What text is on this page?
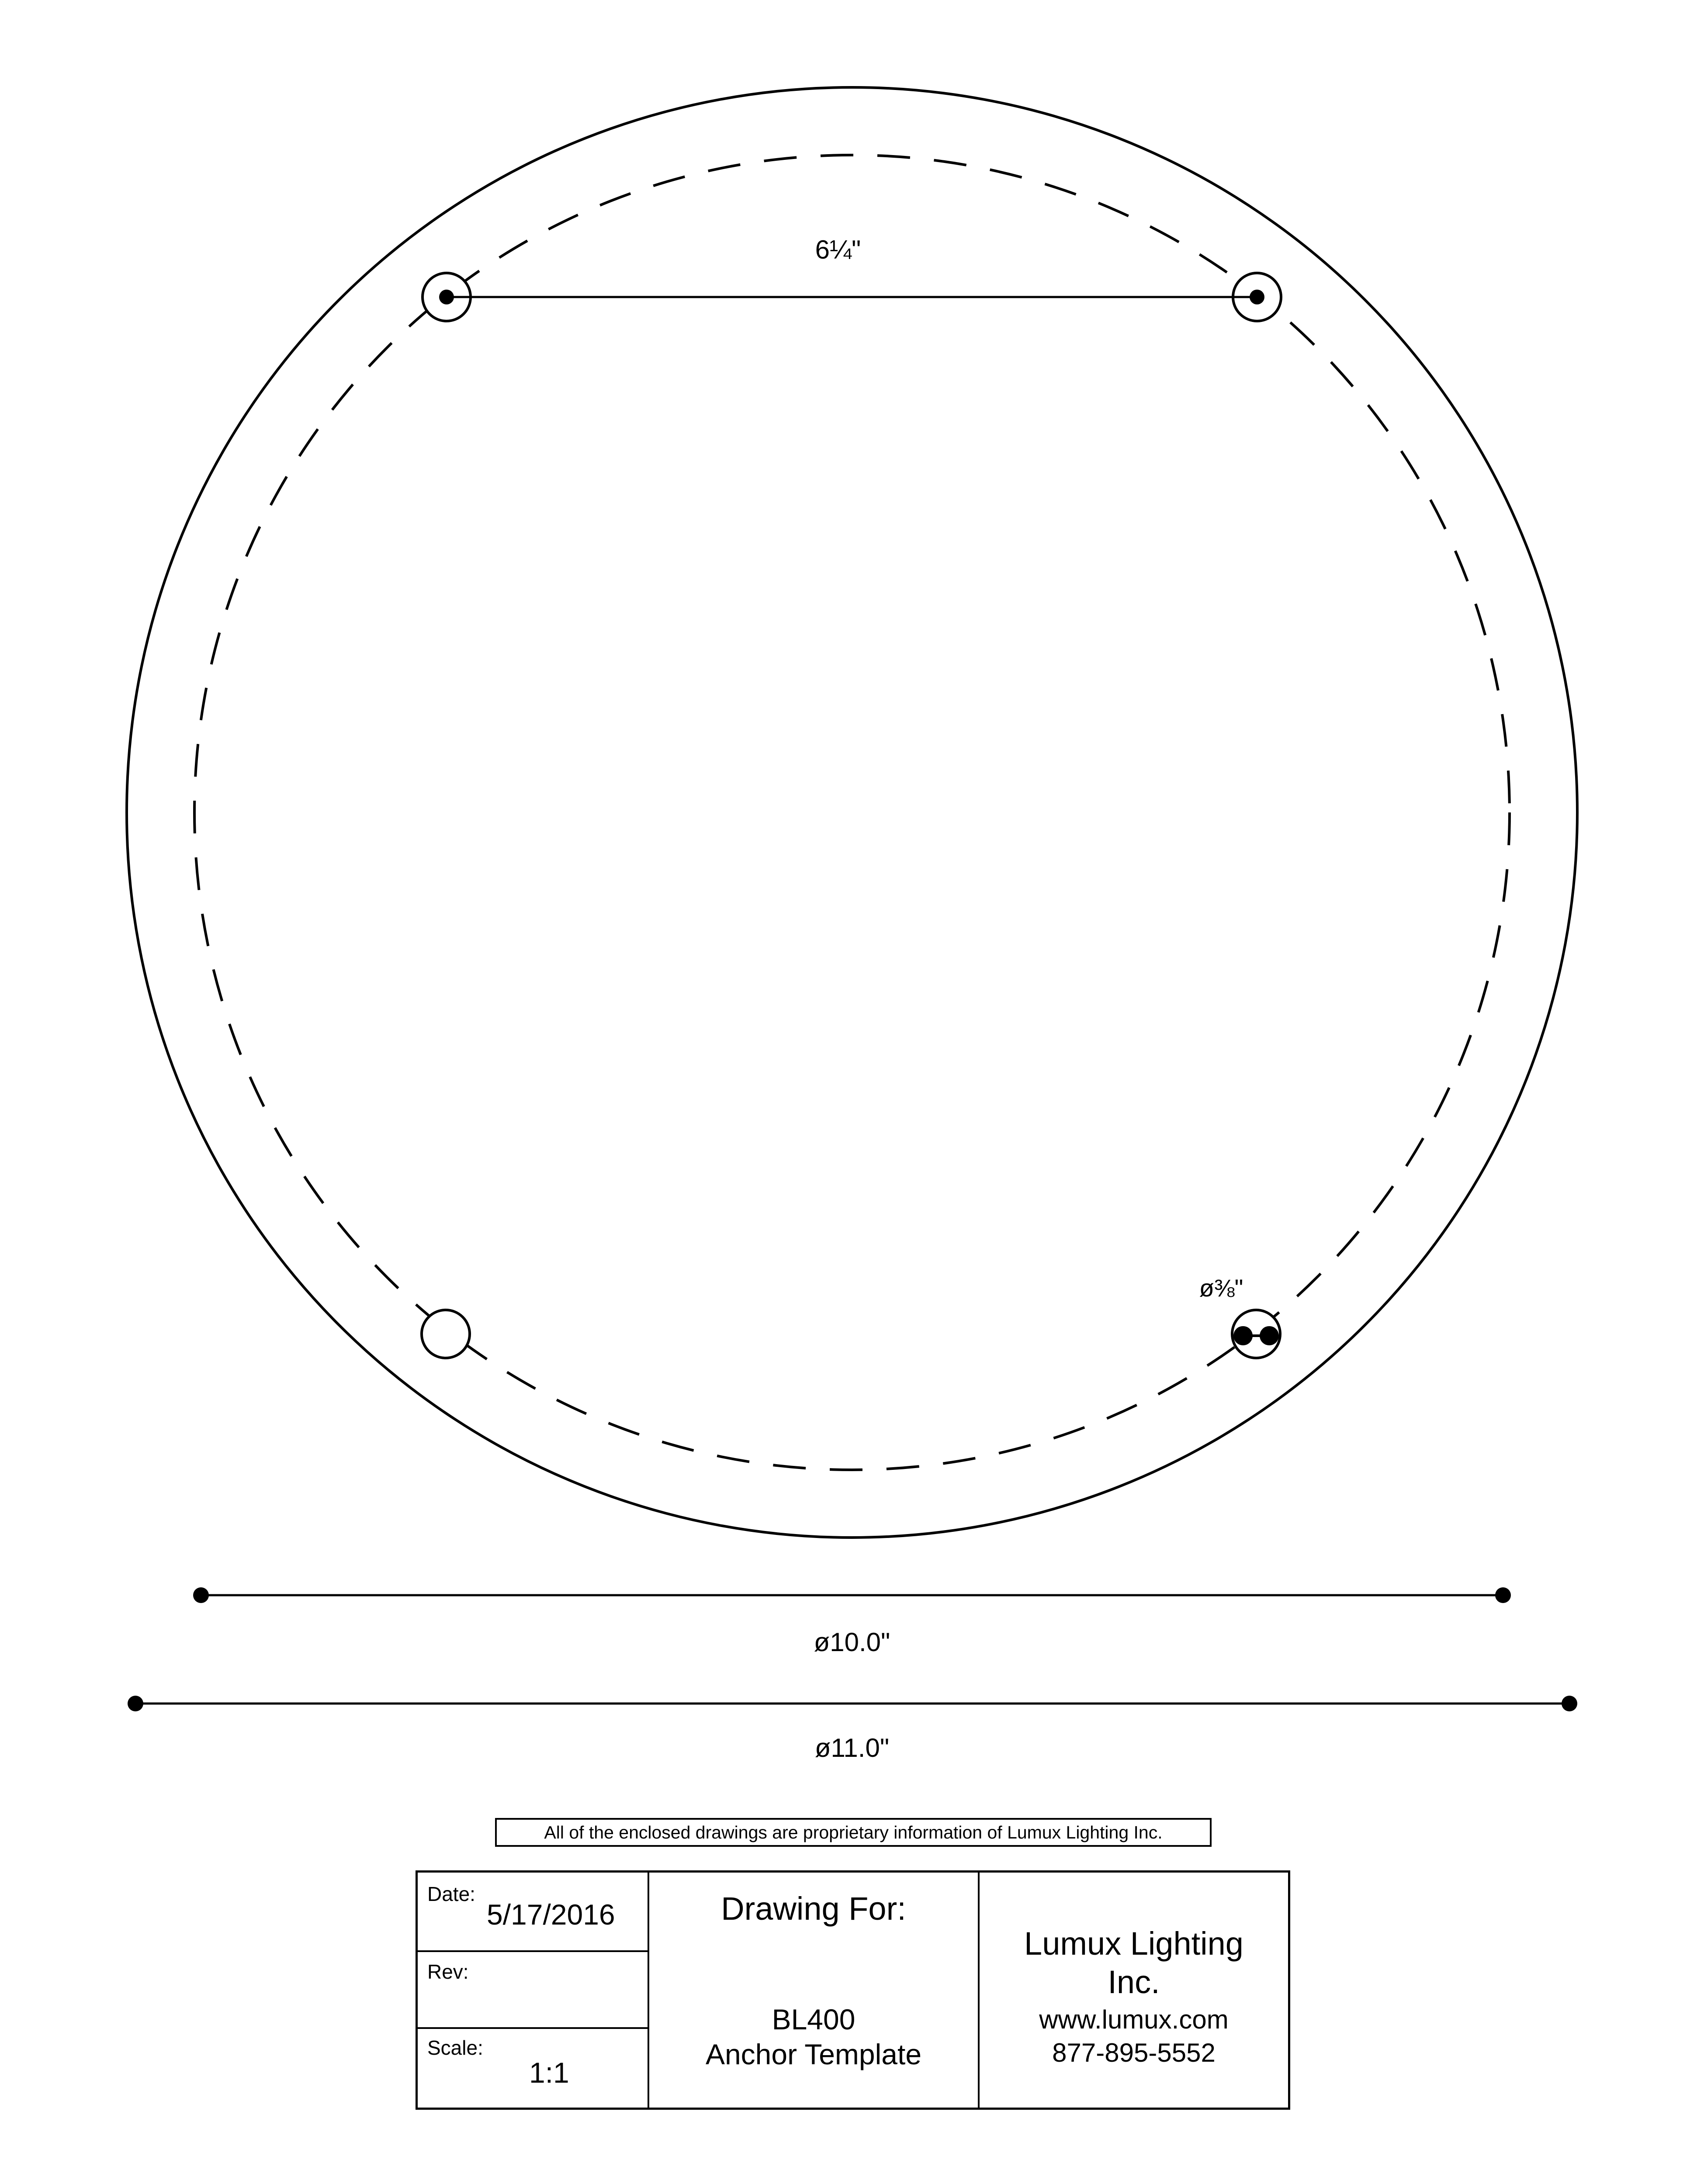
6¼"
ø⅜"
ø10.0"
ø11.0"
All of the enclosed drawings are proprietary information of Lumux Lighting Inc.
Date:
5/17/2016
Rev:
Scale:
1:1
Drawing For:
BL400
Anchor Template
Lumux Lighting
Inc.
www.lumux.com
877-895-5552
